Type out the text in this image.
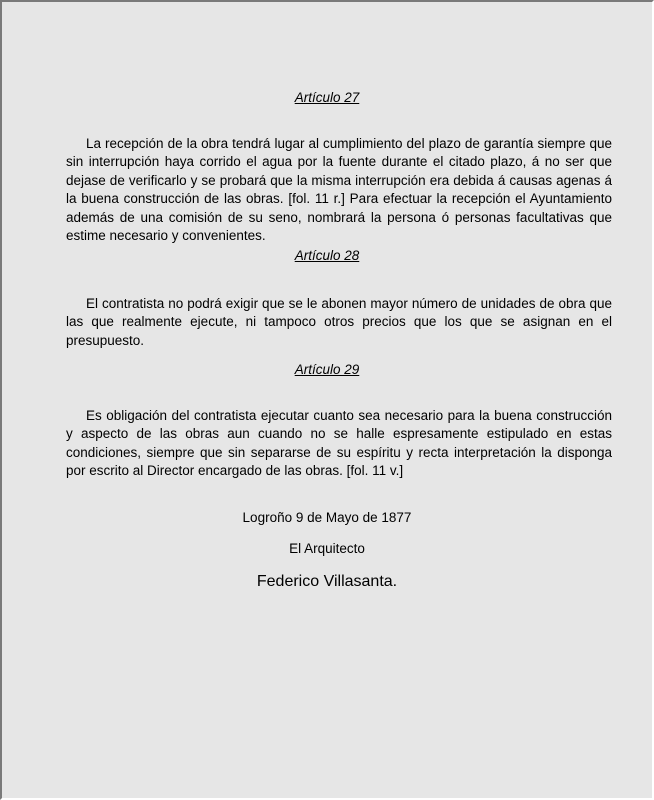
Artículo 27

La recepción de la obra tendrá lugar al cumplimiento del plazo de garantía siempre que sin interrupción haya corrido el agua por la fuente durante el citado plazo, á no ser que dejase de verificarlo y se probará que la misma interrupción era debida á causas agenas á la buena construcción de las obras. [fol. 11 r.] Para efectuar la recepción el Ayuntamiento además de una comisión de su seno, nombrará la persona ó personas facultativas que estime necesario y convenientes.

Artículo 28

El contratista no podrá exigir que se le abonen mayor número de unidades de obra que las que realmente ejecute, ni tampoco otros precios que los que se asignan en el presupuesto.

Artículo 29

Es obligación del contratista ejecutar cuanto sea necesario para la buena construcción y aspecto de las obras aun cuando no se halle espresamente estipulado en estas condiciones, siempre que sin separarse de su espíritu y recta interpretación la disponga por escrito al Director encargado de las obras. [fol. 11 v.]

Logroño 9 de Mayo de 1877
El Arquitecto
Federico Villasanta.
